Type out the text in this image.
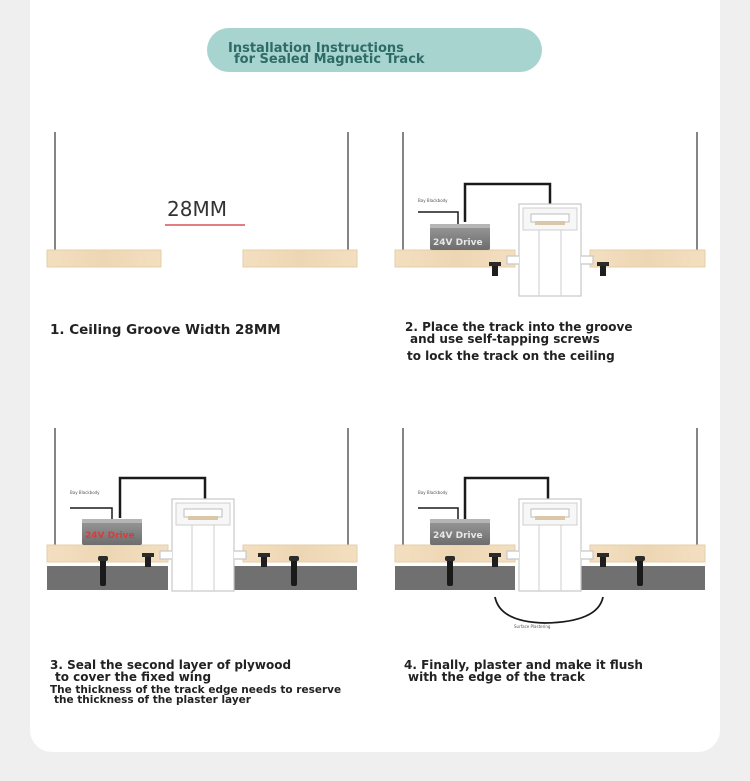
Installation Instructions
for Sealed Magnetic Track
28MM	Bay Blackbody
24V Drive
Bay Blackbody
24V Drive
Bay Blackbody
24V Drive
Surface Plastering
1. Ceiling Groove Width 28MM	2. Place the track into the groove
and use self-tapping screws
to lock the track on the ceiling
3. Seal the second layer of plywood
to cover the fixed wing
The thickness of the track edge needs to reserve
the thickness of the plaster layer
4. Finally, plaster and make it flush
with the edge of the track
